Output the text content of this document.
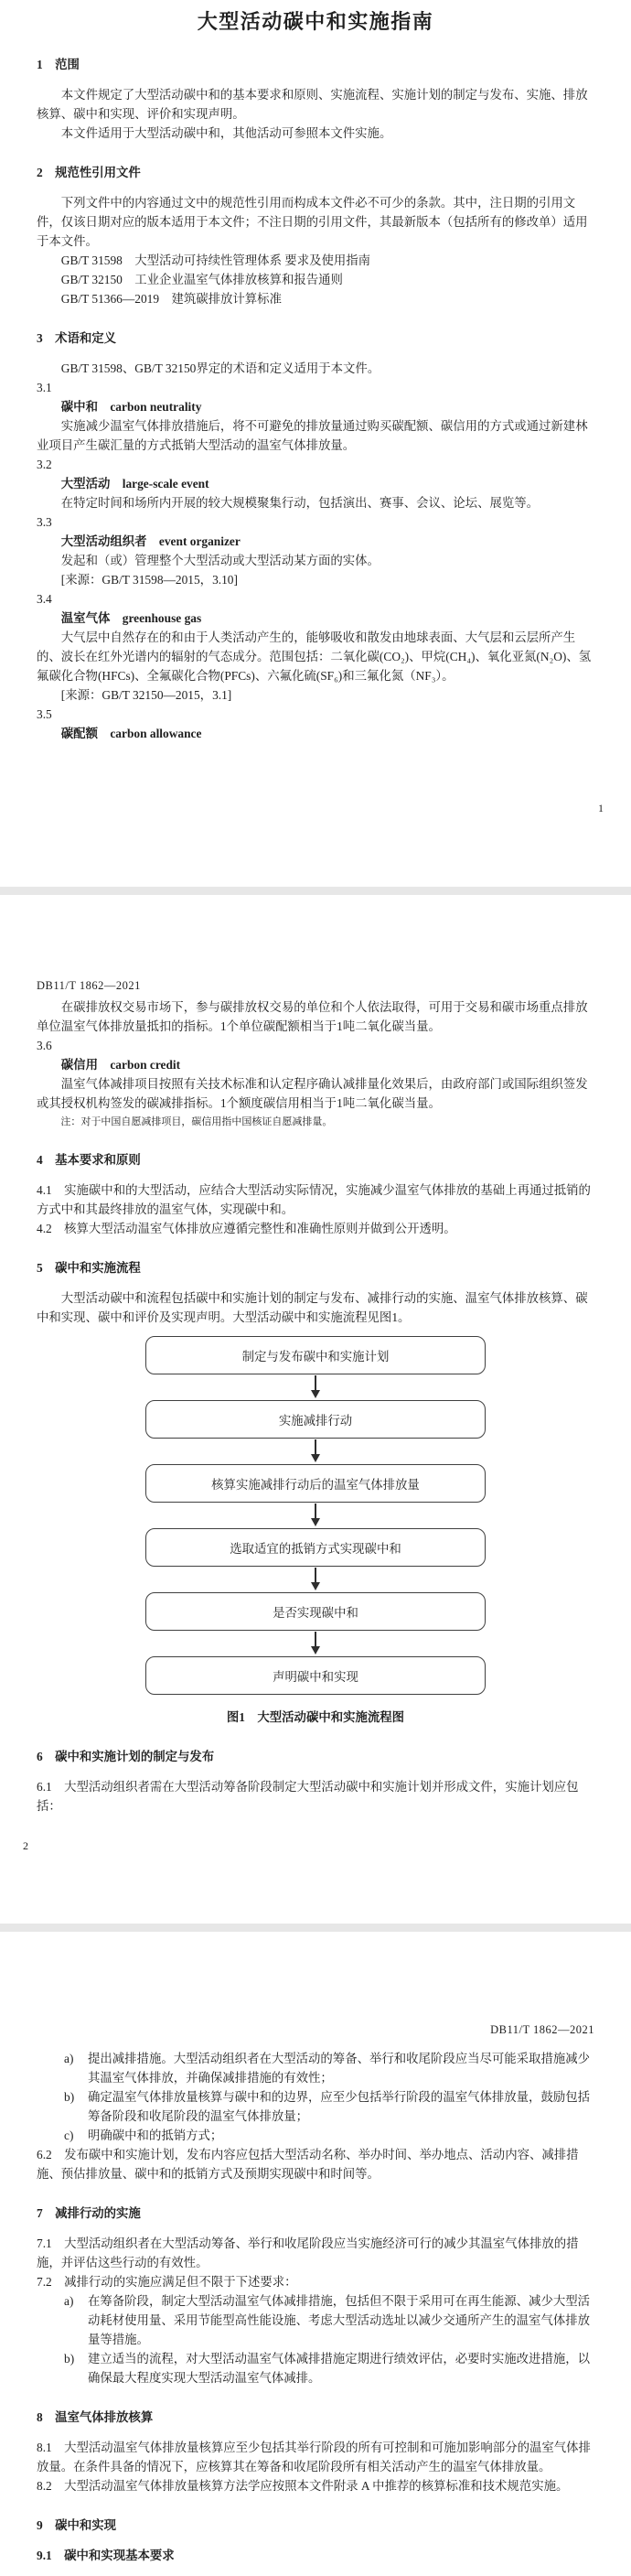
大型活动碳中和实施指南
1　范围

本文件规定了大型活动碳中和的基本要求和原则、实施流程、实施计划的制定与发布、实施、排放核算、碳中和实现、评价和实现声明。

本文件适用于大型活动碳中和，其他活动可参照本文件实施。

2　规范性引用文件

下列文件中的内容通过文中的规范性引用而构成本文件必不可少的条款。其中，注日期的引用文件，仅该日期对应的版本适用于本文件；不注日期的引用文件，其最新版本（包括所有的修改单）适用于本文件。

GB/T 31598　大型活动可持续性管理体系 要求及使用指南

GB/T 32150　工业企业温室气体排放核算和报告通则

GB/T 51366—2019　建筑碳排放计算标准

3　术语和定义

GB/T 31598、GB/T 32150界定的术语和定义适用于本文件。

3.1

碳中和　carbon neutrality

实施减少温室气体排放措施后，将不可避免的排放量通过购买碳配额、碳信用的方式或通过新建林业项目产生碳汇量的方式抵销大型活动的温室气体排放量。

3.2

大型活动　large-scale event

在特定时间和场所内开展的较大规模聚集行动，包括演出、赛事、会议、论坛、展览等。

3.3

大型活动组织者　event organizer

发起和（或）管理整个大型活动或大型活动某方面的实体。

[来源：GB/T 31598—2015，3.10]

3.4

温室气体　greenhouse gas

大气层中自然存在的和由于人类活动产生的，能够吸收和散发由地球表面、大气层和云层所产生的、波长在红外光谱内的辐射的气态成分。范围包括：二氧化碳(CO₂)、甲烷(CH₄)、氧化亚氮(N₂O)、氢氟碳化合物(HFCs)、全氟碳化合物(PFCs)、六氟化硫(SF₆)和三氟化氮（NF₃）。

[来源：GB/T 32150—2015，3.1]

3.5

碳配额　carbon allowance

1
DB11/T 1862—2021

在碳排放权交易市场下，参与碳排放权交易的单位和个人依法取得，可用于交易和碳市场重点排放单位温室气体排放量抵扣的指标。1个单位碳配额相当于1吨二氧化碳当量。

3.6

碳信用　carbon credit

温室气体减排项目按照有关技术标准和认定程序确认减排量化效果后，由政府部门或国际组织签发或其授权机构签发的碳减排指标。1个额度碳信用相当于1吨二氧化碳当量。

注：对于中国自愿减排项目，碳信用指中国核证自愿减排量。

4　基本要求和原则

4.1　实施碳中和的大型活动，应结合大型活动实际情况，实施减少温室气体排放的基础上再通过抵销的方式中和其最终排放的温室气体，实现碳中和。

4.2　核算大型活动温室气体排放应遵循完整性和准确性原则并做到公开透明。

5　碳中和实施流程

大型活动碳中和流程包括碳中和实施计划的制定与发布、减排行动的实施、温室气体排放核算、碳中和实现、碳中和评价及实现声明。大型活动碳中和实施流程见图1。

制定与发布碳中和实施计划
实施减排行动
核算实施减排行动后的温室气体排放量
选取适宜的抵销方式实现碳中和
是否实现碳中和
声明碳中和实现

图1　大型活动碳中和实施流程图

6　碳中和实施计划的制定与发布

6.1　大型活动组织者需在大型活动筹备阶段制定大型活动碳中和实施计划并形成文件，实施计划应包括：

2
DB11/T 1862—2021
a)	提出减排措施。大型活动组织者在大型活动的筹备、举行和收尾阶段应当尽可能采取措施减少其温室气体排放，并确保减排措施的有效性；
b)	确定温室气体排放量核算与碳中和的边界，应至少包括举行阶段的温室气体排放量，鼓励包括筹备阶段和收尾阶段的温室气体排放量；
c)	明确碳中和的抵销方式；

6.2　发布碳中和实施计划，发布内容应包括大型活动名称、举办时间、举办地点、活动内容、减排措施、预估排放量、碳中和的抵销方式及预期实现碳中和时间等。

7　减排行动的实施

7.1　大型活动组织者在大型活动筹备、举行和收尾阶段应当实施经济可行的减少其温室气体排放的措施，并评估这些行动的有效性。

7.2　减排行动的实施应满足但不限于下述要求：

a)	在筹备阶段，制定大型活动温室气体减排措施，包括但不限于采用可在再生能源、减少大型活动耗材使用量、采用节能型高性能设施、考虑大型活动选址以减少交通所产生的温室气体排放量等措施。
b)	建立适当的流程，对大型活动温室气体减排措施定期进行绩效评估，必要时实施改进措施，以确保最大程度实现大型活动温室气体减排。
8　温室气体排放核算

8.1　大型活动温室气体排放量核算应至少包括其举行阶段的所有可控制和可施加影响部分的温室气体排放量。在条件具备的情况下，应核算其在筹备和收尾阶段所有相关活动产生的温室气体排放量。

8.2　大型活动温室气体排放量核算方法学应按照本文件附录 A 中推荐的核算标准和技术规范实施。

9　碳中和实现
9.1　碳中和实现基本要求
